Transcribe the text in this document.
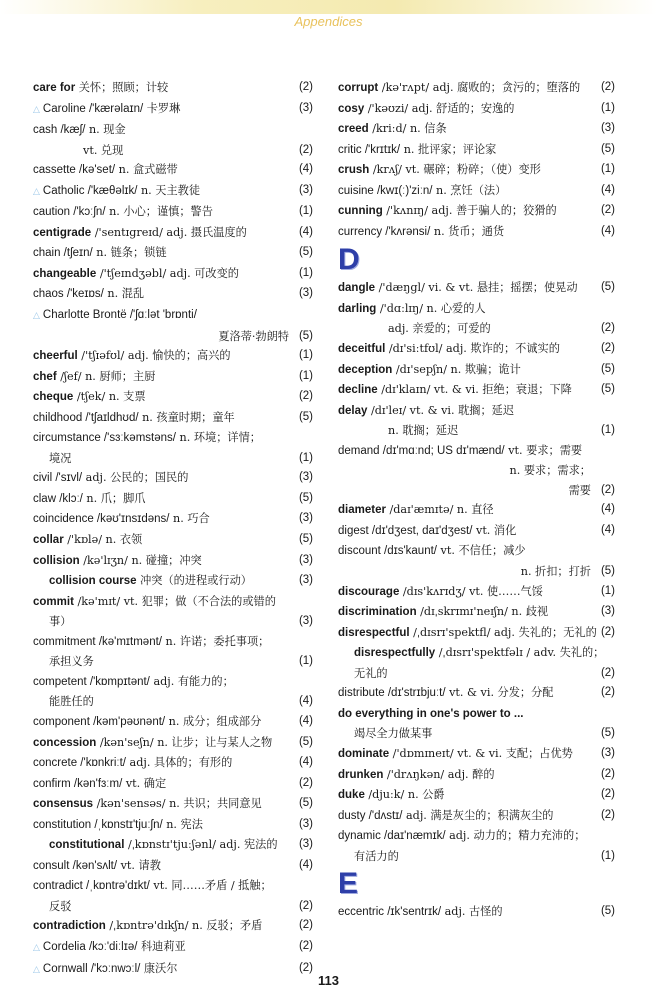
Appendices
care for 关怀；照顾；计较	(2)
△ Caroline /'kærəlaɪn/ 卡罗琳	(3)
cash /kæʃ/ n. 现金
vt. 兑现	(2)
cassette /kə'set/ n. 盒式磁带	(4)
△ Catholic /'kæθəlɪk/ n. 天主教徒	(3)
caution /'kɔːʃn/ n. 小心；谨慎；警告	(1)
centigrade /'sentɪgreɪd/ adj. 摄氏温度的	(4)
chain /tʃeɪn/ n. 链条；锁链	(5)
changeable /'tʃeɪndʒəbl/ adj. 可改变的	(1)
chaos /'keɪɒs/ n. 混乱	(3)
△ Charlotte Brontë /'ʃɑːlət 'brɒnti/
夏洛蒂·勃朗特 (5)
cheerful /'tʃɪəfʊl/ adj. 愉快的；高兴的	(1)
chef /ʃef/ n. 厨师；主厨	(1)
cheque /tʃek/ n. 支票	(2)
childhood /'tʃaɪldhʊd/ n. 孩童时期；童年	(5)
circumstance /'sɜːkəmstəns/ n. 环境；详情；
境况	(1)
civil /'sɪvl/ adj. 公民的；国民的	(3)
claw /klɔː/ n. 爪；脚爪	(5)
coincidence /kəʊ'ɪnsɪdəns/ n. 巧合	(3)
collar /'kɒlə/ n. 衣领	(5)
collision /kə'lɪʒn/ n. 碰撞；冲突	(3)
collision course 冲突（的进程或行动）	(3)
commit /kə'mɪt/ vt. 犯罪；做（不合法的或错的
事）	(3)
commitment /kə'mɪtmənt/ n. 许诺；委托事项；
承担义务	(1)
competent /'kɒmpɪtənt/ adj. 有能力的；
能胜任的	(4)
component /kəm'pəʊnənt/ n. 成分；组成部分	(4)
concession /kən'seʃn/ n. 让步；让与某人之物 (5)
concrete /'kɒnkriːt/ adj. 具体的；有形的	(4)
confirm /kən'fɜːm/ vt. 确定	(2)
consensus /kən'sensəs/ n. 共识；共同意见	(5)
constitution /ˌkɒnstɪ'tjuːʃn/ n. 宪法	(3)
constitutional /ˌkɒnstɪ'tjuːʃənl/ adj. 宪法的 (3)
consult /kən'sʌlt/ vt. 请教	(4)
contradict /ˌkɒntrə'dɪkt/ vt. 同……矛盾 / 抵触；
反驳	(2)
contradiction /ˌkɒntrə'dɪkʃn/ n. 反驳；矛盾	(2)
△ Cordelia /kɔː'diːlɪə/ 科迪莉亚	(2)
△ Cornwall /'kɔːnwɔːl/ 康沃尔	(2)
corrupt /kə'rʌpt/ adj. 腐败的；贪污的；堕落的 (2)
cosy /'kəʊzi/ adj. 舒适的；安逸的	(1)
creed /kriːd/ n. 信条	(3)
critic /'krɪtɪk/ n. 批评家；评论家	(5)
crush /krʌʃ/ vt. 碾碎；粉碎；（使）变形	(1)
cuisine /kwɪ(ː)'ziːn/ n. 烹饪（法）	(4)
cunning /'kʌnɪŋ/ adj. 善于骗人的；狡猾的	(2)
currency /'kʌrənsi/ n. 货币；通货	(4)
D
dangle /'dæŋgl/ vi. & vt. 悬挂；摇摆；使晃动 (5)
darling /'dɑːlɪŋ/ n. 心爱的人
adj. 亲爱的；可爱的	(2)
deceitful /dɪ'siːtfʊl/ adj. 欺诈的；不诚实的	(2)
deception /dɪ'sepʃn/ n. 欺骗；诡计	(5)
decline /dɪ'klaɪn/ vt. & vi. 拒绝；衰退；下降	(5)
delay /dɪ'leɪ/ vt. & vi. 耽搁；延迟
n. 耽搁；延迟	(1)
demand /dɪ'mɑːnd; US dɪ'mænd/ vt. 要求；需要
n. 要求；需求；
需要 (2)
diameter /daɪ'æmɪtə/ n. 直径	(4)
digest /dɪ'dʒest, daɪ'dʒest/ vt. 消化	(4)
discount /dɪs'kaunt/ vt. 不信任；减少
n. 折扣；打折 (5)
discourage /dɪs'kʌrɪdʒ/ vt. 使……气馁	(1)
discrimination /dɪˌskrɪmɪ'neɪʃn/ n. 歧视	(3)
disrespectful /ˌdɪsrɪ'spektfl/ adj. 失礼的；无礼的 (2)
disrespectfully /ˌdɪsrɪ'spektfəlɪ / adv. 失礼的；
无礼的	(2)
distribute /dɪ'strɪbjuːt/ vt. & vi. 分发；分配	(2)
do everything in one's power to ...
竭尽全力做某事	(5)
dominate /'dɒmɪneɪt/ vt. & vi. 支配；占优势 (3)
drunken /'drʌŋkən/ adj. 醉的	(2)
duke /djuːk/ n. 公爵	(2)
dusty /'dʌstɪ/ adj. 满是灰尘的；积满灰尘的	(2)
dynamic /daɪ'næmɪk/ adj. 动力的；精力充沛的；
有活力的	(1)
E
eccentric /ɪk'sentrɪk/ adj. 古怪的	(5)
113
